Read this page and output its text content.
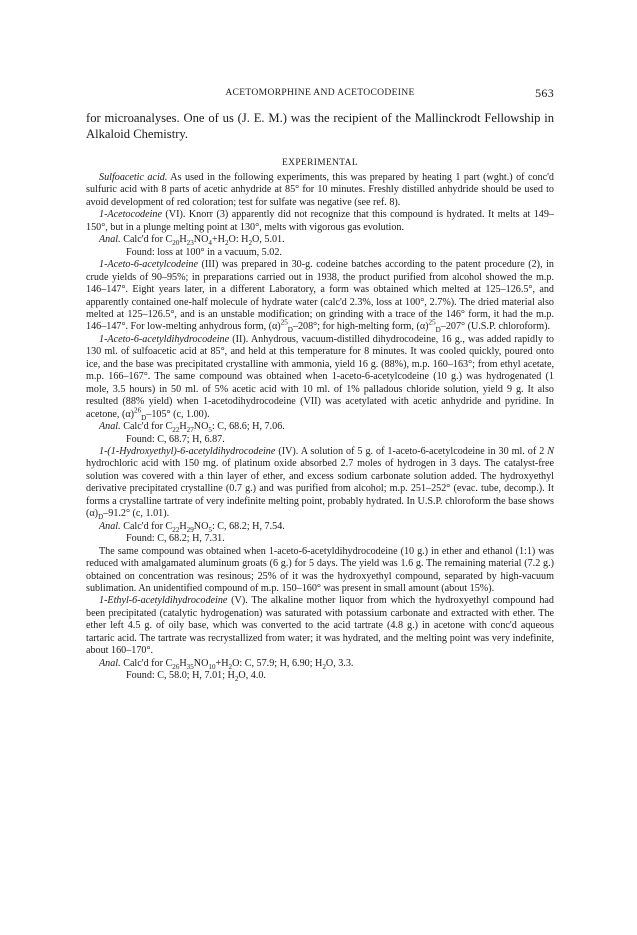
ACETOMORPHINE AND ACETOCODEINE	563
for microanalyses. One of us (J. E. M.) was the recipient of the Mallinckrodt Fellowship in Alkaloid Chemistry.
EXPERIMENTAL

Sulfoacetic acid. As used in the following experiments, this was prepared by heating 1 part (wght.) of conc'd sulfuric acid with 8 parts of acetic anhydride at 85° for 10 minutes. Freshly distilled anhydride should be used to avoid development of red coloration; test for sulfate was negative (see ref. 8).

1-Acetocodeine (VI). Knorr (3) apparently did not recognize that this compound is hydrated. It melts at 149–150°, but in a plunge melting point at 130°, melts with vigorous gas evolution.

Anal. Calc'd for $C_{20}H_{23}NO_4+H_2O$: $H_2O$, 5.01.

Found: loss at 100° in a vacuum, 5.02.

1-Aceto-6-acetylcodeine (III) was prepared in 30-g. codeine batches according to the patent procedure (2), in crude yields of 90–95%; in preparations carried out in 1938, the product purified from alcohol showed the m.p. 146–147°. Eight years later, in a different Laboratory, a form was obtained which melted at 125–126.5°, and apparently contained one-half molecule of hydrate water (calc'd 2.3%, loss at 100°, 2.7%). The dried material also melted at 125–126.5°, and is an unstable modification; on grinding with a trace of the 146° form, it had the m.p. 146–147°. For low-melting anhydrous form, $(\alpha)^{25}_D-208^\circ$; for high-melting form, $(\alpha)^{25}_D-207^\circ$ (U.S.P. chloroform).

1-Aceto-6-acetyldihydrocodeine (II). Anhydrous, vacuum-distilled dihydrocodeine, 16 g., was added rapidly to 130 ml. of sulfoacetic acid at 85°, and held at this temperature for 8 minutes. It was cooled quickly, poured onto ice, and the base was precipitated crystalline with ammonia, yield 16 g. (88%), m.p. 160–163°; from ethyl acetate, m.p. 166–167°. The same compound was obtained when 1-aceto-6-acetylcodeine (10 g.) was hydrogenated (1 mole, 3.5 hours) in 50 ml. of 5% acetic acid with 10 ml. of 1% palladous chloride solution, yield 9 g. It also resulted (88% yield) when 1-acetodihydrocodeine (VII) was acetylated with acetic anhydride and pyridine. In acetone, $(\alpha)^{26}_D-105^\circ$ (c, 1.00).

Anal. Calc'd for $C_{22}H_{27}NO_5$: C, 68.6; H, 7.06.

Found: C, 68.7; H, 6.87.

1-(1-Hydroxyethyl)-6-acetyldihydrocodeine (IV). A solution of 5 g. of 1-aceto-6-acetylcodeine in 30 ml. of 2 N hydrochloric acid with 150 mg. of platinum oxide absorbed 2.7 moles of hydrogen in 3 days. The catalyst-free solution was covered with a thin layer of ether, and excess sodium carbonate solution added. The hydroxyethyl derivative precipitated crystalline (0.7 g.) and was purified from alcohol; m.p. 251–252° (evac. tube, decomp.). It forms a crystalline tartrate of very indefinite melting point, probably hydrated. In U.S.P. chloroform the base shows $(\alpha)_D-91.2^\circ$ (c, 1.01).

Anal. Calc'd for $C_{22}H_{29}NO_5$: C, 68.2; H, 7.54.

Found: C, 68.2; H, 7.31.

The same compound was obtained when 1-aceto-6-acetyldihydrocodeine (10 g.) in ether and ethanol (1:1) was reduced with amalgamated aluminum groats (6 g.) for 5 days. The yield was 1.6 g. The remaining material (7.2 g.) obtained on concentration was resinous; 25% of it was the hydroxyethyl compound, separated by high-vacuum sublimation. An unidentified compound of m.p. 150–160° was present in small amount (about 15%).

1-Ethyl-6-acetyldihydrocodeine (V). The alkaline mother liquor from which the hydroxyethyl compound had been precipitated (catalytic hydrogenation) was saturated with potassium carbonate and extracted with ether. The ether left 4.5 g. of oily base, which was converted to the acid tartrate (4.8 g.) in acetone with conc'd aqueous tartaric acid. The tartrate was recrystallized from water; it was hydrated, and the melting point was very indefinite, about 160–170°.

Anal. Calc'd for $C_{26}H_{35}NO_{10}+H_2O$: C, 57.9; H, 6.90; $H_2O$, 3.3.

Found: C, 58.0; H, 7.01; $H_2O$, 4.0.
